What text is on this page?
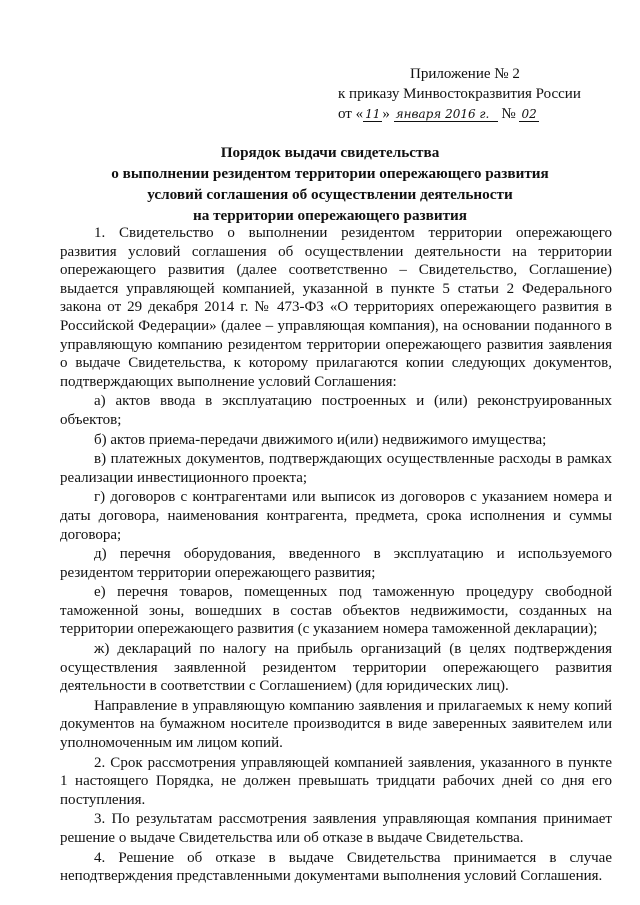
Приложение № 2
к приказу Минвостокразвития России
от « 11 » января 2016 г. № 02
Порядок выдачи свидетельства
о выполнении резидентом территории опережающего развития
условий соглашения об осуществлении деятельности
на территории опережающего развития

1. Свидетельство о выполнении резидентом территории опережающего развития условий соглашения об осуществлении деятельности на территории опережающего развития (далее соответственно – Свидетельство, Соглашение) выдается управляющей компанией, указанной в пункте 5 статьи 2 Федерального закона от 29 декабря 2014 г. № 473-ФЗ «О территориях опережающего развития в Российской Федерации» (далее – управляющая компания), на основании поданного в управляющую компанию резидентом территории опережающего развития заявления о выдаче Свидетельства, к которому прилагаются копии следующих документов, подтверждающих выполнение условий Соглашения:

а) актов ввода в эксплуатацию построенных и (или) реконструированных объектов;

б) актов приема-передачи движимого и(или) недвижимого имущества;

в) платежных документов, подтверждающих осуществленные расходы в рамках реализации инвестиционного проекта;

г) договоров с контрагентами или выписок из договоров с указанием номера и даты договора, наименования контрагента, предмета, срока исполнения и суммы договора;

д) перечня оборудования, введенного в эксплуатацию и используемого резидентом территории опережающего развития;

е) перечня товаров, помещенных под таможенную процедуру свободной таможенной зоны, вошедших в состав объектов недвижимости, созданных на территории опережающего развития (с указанием номера таможенной декларации);

ж) деклараций по налогу на прибыль организаций (в целях подтверждения осуществления заявленной резидентом территории опережающего развития деятельности в соответствии с Соглашением) (для юридических лиц).

Направление в управляющую компанию заявления и прилагаемых к нему копий документов на бумажном носителе производится в виде заверенных заявителем или уполномоченным им лицом копий.

2. Срок рассмотрения управляющей компанией заявления, указанного в пункте 1 настоящего Порядка, не должен превышать тридцати рабочих дней со дня его поступления.

3. По результатам рассмотрения заявления управляющая компания принимает решение о выдаче Свидетельства или об отказе в выдаче Свидетельства.

4. Решение об отказе в выдаче Свидетельства принимается в случае неподтверждения представленными документами выполнения условий Соглашения.
